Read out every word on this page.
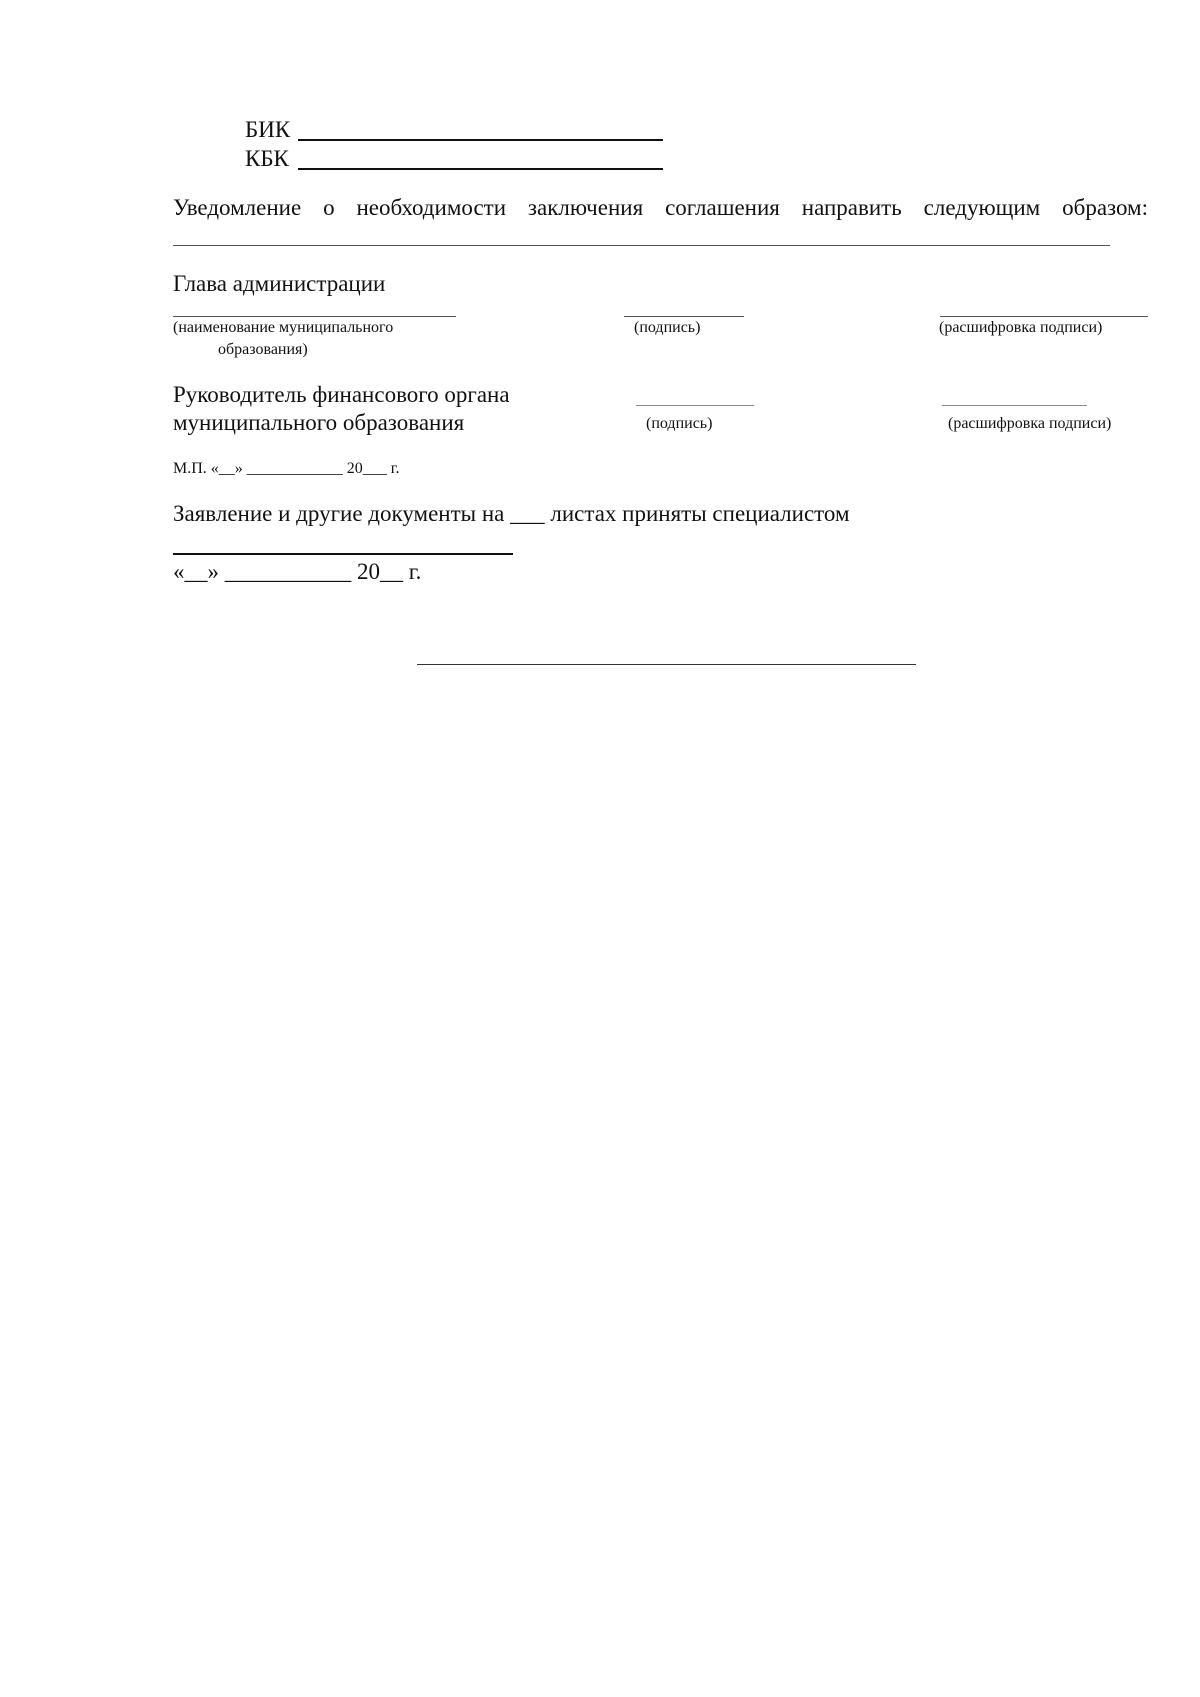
БИК
КБК
Уведомление о необходимости заключения соглашения направить следующим образом:
Глава администрации
(наименование муниципального
образования)
(подпись)	(расшифровка подписи)
Руководитель финансового органа
муниципального образования	(подпись)	(расшифровка подписи)
М.П. «__» ____________ 20___ г.
Заявление и другие документы на ___ листах приняты специалистом
«__» ___________ 20__ г.
